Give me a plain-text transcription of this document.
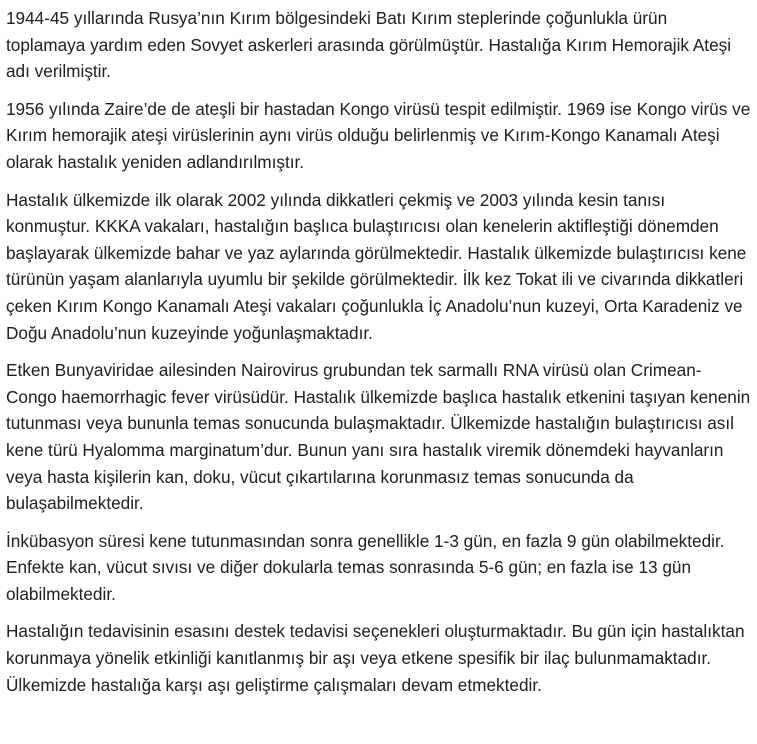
1944-45 yıllarında Rusya’nın Kırım bölgesindeki Batı Kırım steplerinde çoğunlukla ürün toplamaya yardım eden Sovyet askerleri arasında görülmüştür. Hastalığa Kırım Hemorajik Ateşi adı verilmiştir.

1956 yılında Zaire’de de ateşli bir hastadan Kongo virüsü tespit edilmiştir. 1969 ise Kongo virüs ve Kırım hemorajik ateşi virüslerinin aynı virüs olduğu belirlenmiş ve Kırım-Kongo Kanamalı Ateşi olarak hastalık yeniden adlandırılmıştır.

Hastalık ülkemizde ilk olarak 2002 yılında dikkatleri çekmiş ve 2003 yılında kesin tanısı konmuştur. KKKA vakaları, hastalığın başlıca bulaştırıcısı olan kenelerin aktifleştiği dönemden başlayarak ülkemizde bahar ve yaz aylarında görülmektedir. Hastalık ülkemizde bulaştırıcısı kene türünün yaşam alanlarıyla uyumlu bir şekilde görülmektedir. İlk kez Tokat ili ve civarında dikkatleri çeken Kırım Kongo Kanamalı Ateşi vakaları çoğunlukla İç Anadolu’nun kuzeyi, Orta Karadeniz ve Doğu Anadolu’nun kuzeyinde yoğunlaşmaktadır.

Etken Bunyaviridae ailesinden Nairovirus grubundan tek sarmallı RNA virüsü olan Crimean-Congo haemorrhagic fever virüsüdür. Hastalık ülkemizde başlıca hastalık etkenini taşıyan kenenin tutunması veya bununla temas sonucunda bulaşmaktadır. Ülkemizde hastalığın bulaştırıcısı asıl kene türü Hyalomma marginatum’dur. Bunun yanı sıra hastalık viremik dönemdeki hayvanların veya hasta kişilerin kan, doku, vücut çıkartılarına korunmasız temas sonucunda da bulaşabilmektedir.

İnkübasyon süresi kene tutunmasından sonra genellikle 1-3 gün, en fazla 9 gün olabilmektedir. Enfekte kan, vücut sıvısı ve diğer dokularla temas sonrasında 5-6 gün; en fazla ise 13 gün olabilmektedir.

Hastalığın tedavisinin esasını destek tedavisi seçenekleri oluşturmaktadır. Bu gün için hastalıktan korunmaya yönelik etkinliği kanıtlanmış bir aşı veya etkene spesifik bir ilaç bulunmamaktadır. Ülkemizde hastalığa karşı aşı geliştirme çalışmaları devam etmektedir.
